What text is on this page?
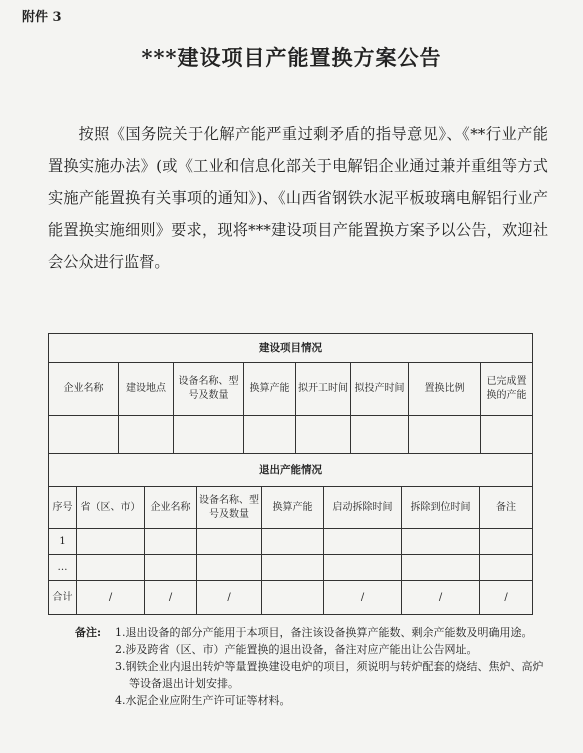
附件 3
***建设项目产能置换方案公告
按照《国务院关于化解产能严重过剩矛盾的指导意见》、《**行业产能置换实施办法》(或《工业和信息化部关于电解铝企业通过兼并重组等方式实施产能置换有关事项的通知》)、《山西省钢铁水泥平板玻璃电解铝行业产能置换实施细则》要求，现将***建设项目产能置换方案予以公告，欢迎社会公众进行监督。
建设项目情况							
企业名称	建设地点	设备名称、型号及数量	换算产能	拟开工时间	拟投产时间	置换比例	已完成置换的产能

退出产能情况							
序号	省（区、市）	企业名称	设备名称、型号及数量	换算产能	启动拆除时间	拆除到位时间	备注
1							
…							
合计	/	/	/		/	/	/
备注:	1.退出设备的部分产能用于本项目，备注该设备换算产能数、剩余产能数及明确用途。
2.涉及跨省（区、市）产能置换的退出设备，备注对应产能出让公告网址。
3.钢铁企业内退出转炉等量置换建设电炉的项目，须说明与转炉配套的烧结、焦炉、高炉等设备退出计划安排。
4.水泥企业应附生产许可证等材料。
